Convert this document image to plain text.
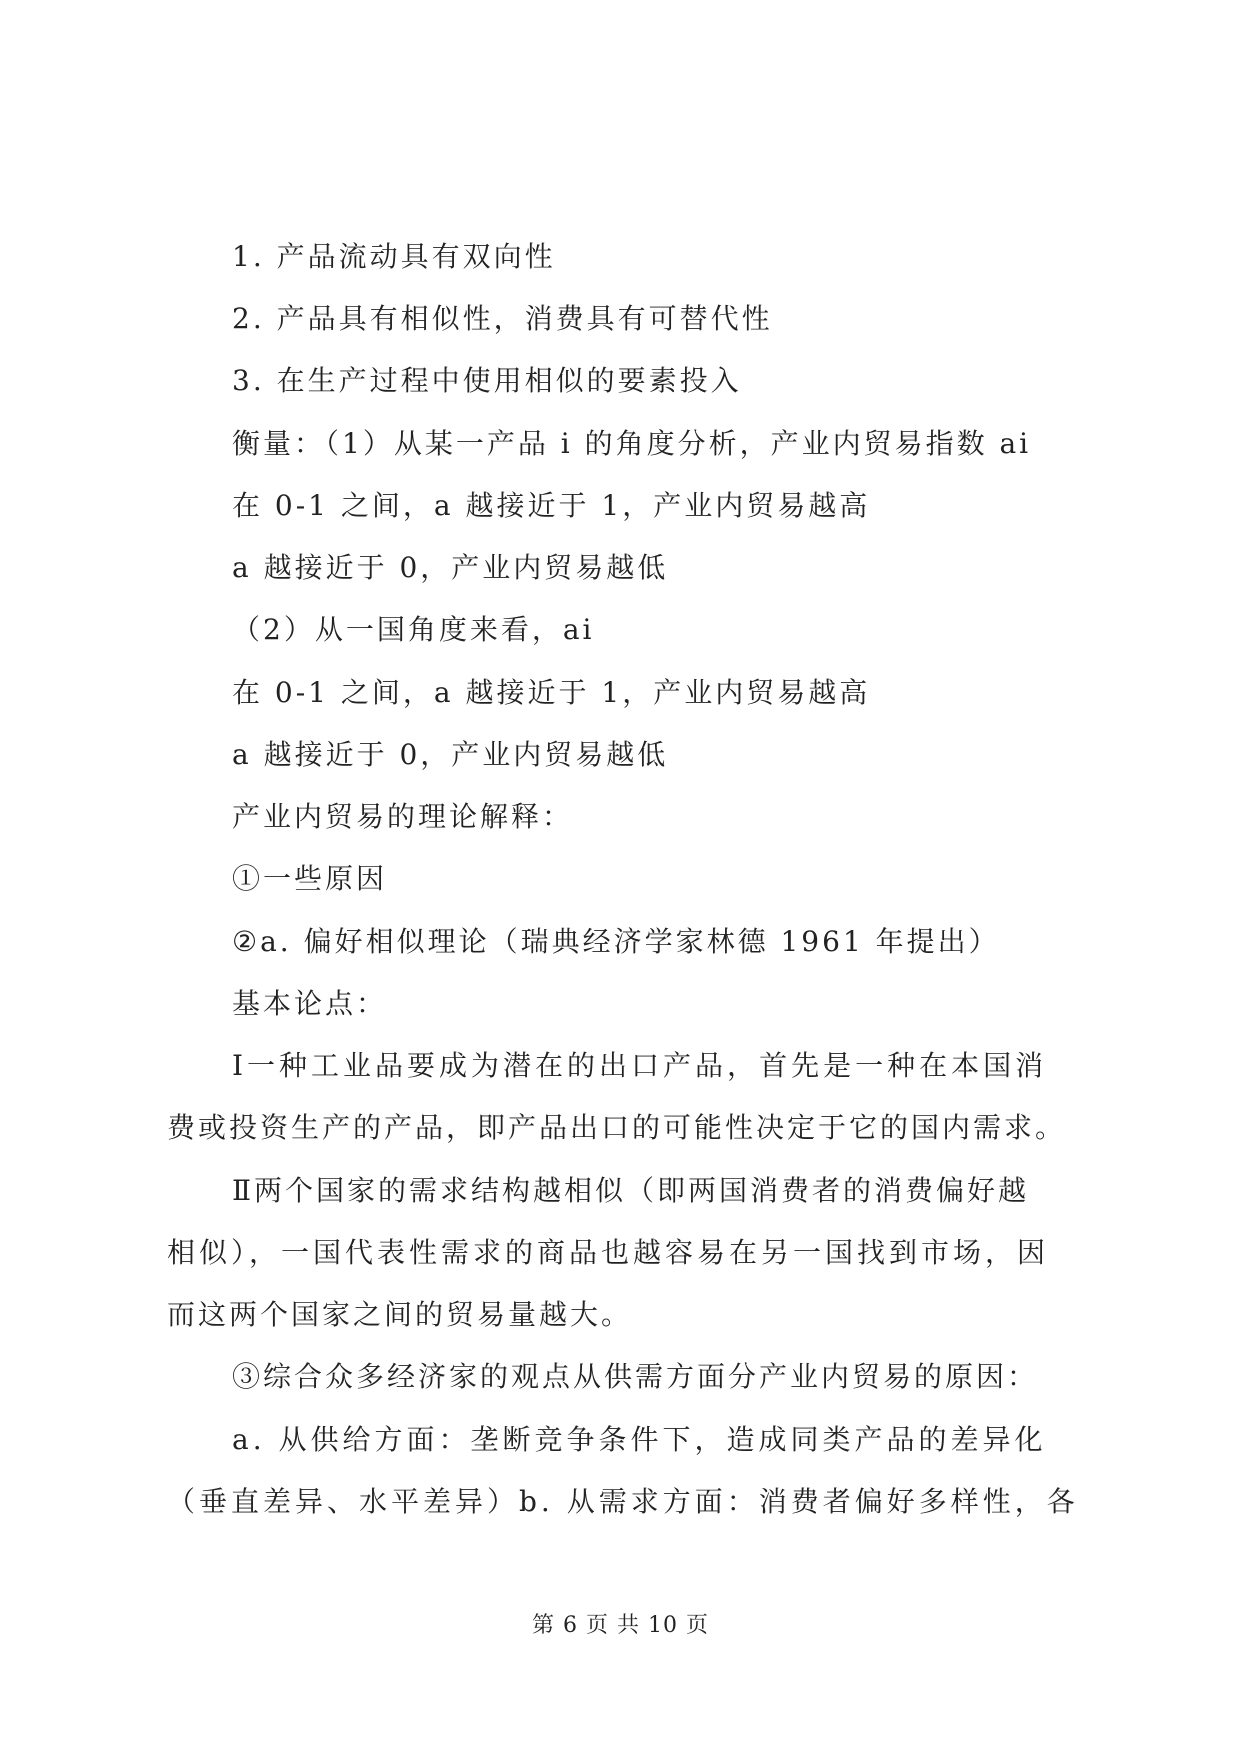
1. 产品流动具有双向性
2. 产品具有相似性，消费具有可替代性
3. 在生产过程中使用相似的要素投入
衡量：（1）从某一产品 i 的角度分析，产业内贸易指数 ai
在 0-1 之间，a 越接近于 1，产业内贸易越高
a 越接近于 0，产业内贸易越低
（2）从一国角度来看，ai
在 0-1 之间，a 越接近于 1，产业内贸易越高
a 越接近于 0，产业内贸易越低
产业内贸易的理论解释：
①一些原因
②a. 偏好相似理论（瑞典经济学家林德 1961 年提出）
基本论点：
Ⅰ一种工业品要成为潜在的出口产品，首先是一种在本国消
费或投资生产的产品，即产品出口的可能性决定于它的国内需求。
Ⅱ两个国家的需求结构越相似（即两国消费者的消费偏好越
相似），一国代表性需求的商品也越容易在另一国找到市场，因
而这两个国家之间的贸易量越大。
③综合众多经济家的观点从供需方面分产业内贸易的原因：
a. 从供给方面：垄断竞争条件下，造成同类产品的差异化
（垂直差异、水平差异）b. 从需求方面：消费者偏好多样性，各
第 6 页 共 10 页
